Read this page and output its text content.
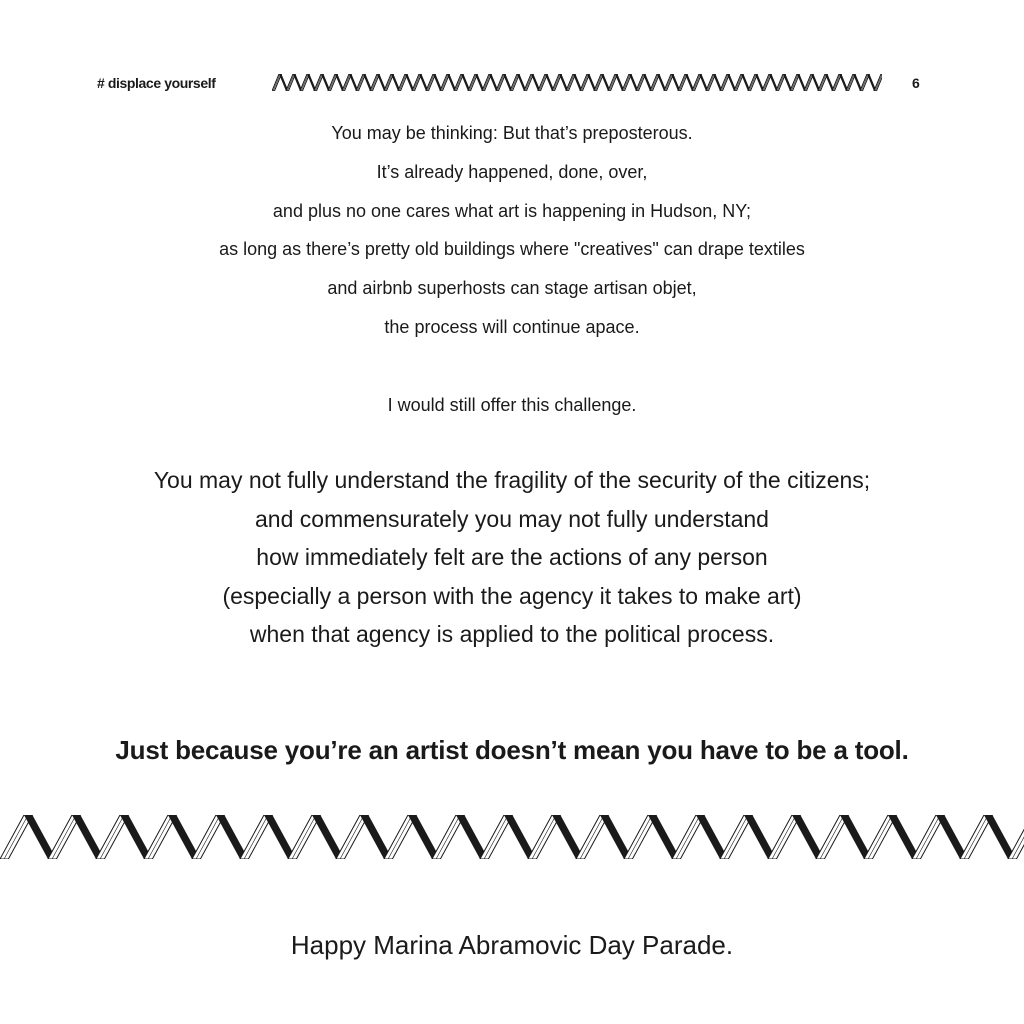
# displace yourself	6

You may be thinking: But that’s preposterous.

It’s already happened, done, over,

and plus no one cares what art is happening in Hudson, NY;

as long as there’s pretty old buildings where "creatives" can drape textiles

and airbnb superhosts can stage artisan objet,

the process will continue apace.

I would still offer this challenge.

You may not fully understand the fragility of the security of the citizens;

and commensurately you may not fully understand

how immediately felt are the actions of any person

(especially a person with the agency it takes to make art)

when that agency is applied to the political process.

Just because you’re an artist doesn’t mean you have to be a tool.

Happy Marina Abramovic Day Parade.
